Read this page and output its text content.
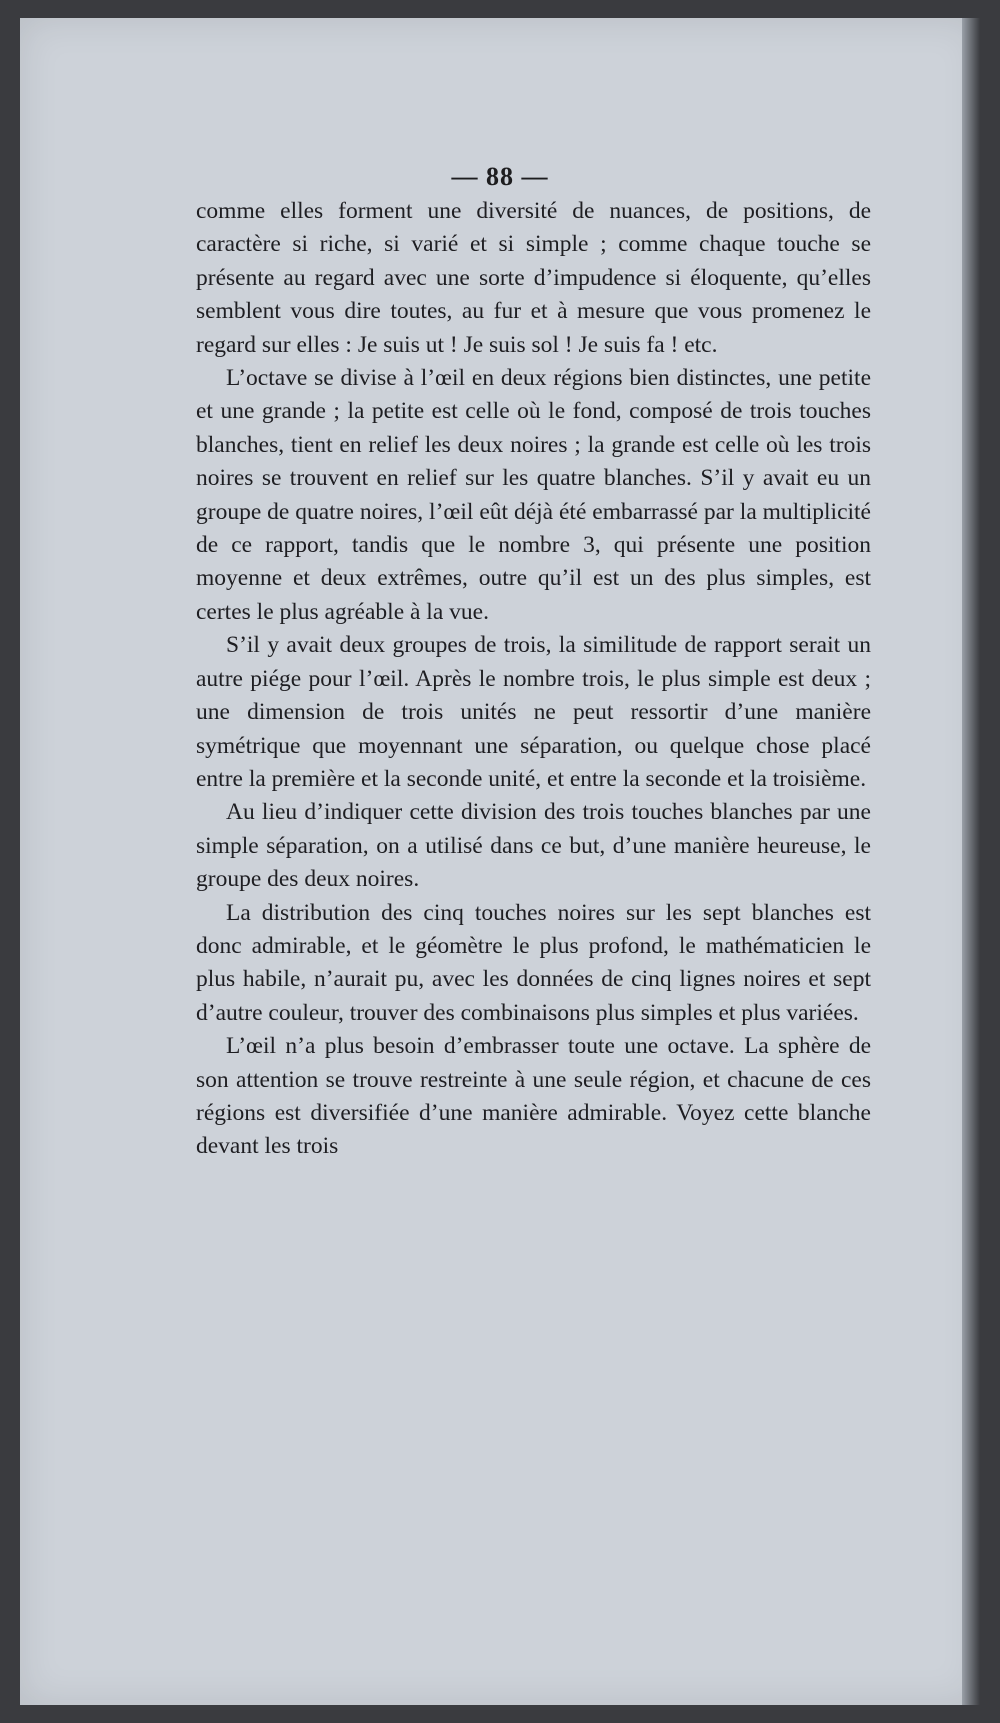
— 88 —

comme elles forment une diversité de nuances, de positions, de caractère si riche, si varié et si simple ; comme chaque touche se présente au regard avec une sorte d’impudence si éloquente, qu’elles semblent vous dire toutes, au fur et à mesure que vous promenez le regard sur elles : Je suis ut ! Je suis sol ! Je suis fa ! etc.

L’octave se divise à l’œil en deux régions bien distinctes, une petite et une grande ; la petite est celle où le fond, composé de trois touches blanches, tient en relief les deux noires ; la grande est celle où les trois noires se trouvent en relief sur les quatre blanches. S’il y avait eu un groupe de quatre noires, l’œil eût déjà été embarrassé par la multiplicité de ce rapport, tandis que le nombre 3, qui présente une position moyenne et deux extrêmes, outre qu’il est un des plus simples, est certes le plus agréable à la vue.

S’il y avait deux groupes de trois, la similitude de rapport serait un autre piége pour l’œil. Après le nombre trois, le plus simple est deux ; une dimension de trois unités ne peut ressortir d’une manière symétrique que moyennant une séparation, ou quelque chose placé entre la première et la seconde unité, et entre la seconde et la troisième.

Au lieu d’indiquer cette division des trois touches blanches par une simple séparation, on a utilisé dans ce but, d’une manière heureuse, le groupe des deux noires.

La distribution des cinq touches noires sur les sept blanches est donc admirable, et le géomètre le plus profond, le mathématicien le plus habile, n’aurait pu, avec les données de cinq lignes noires et sept d’autre couleur, trouver des combinaisons plus simples et plus variées.

L’œil n’a plus besoin d’embrasser toute une octave. La sphère de son attention se trouve restreinte à une seule région, et chacune de ces régions est diversifiée d’une manière admirable. Voyez cette blanche devant les trois
